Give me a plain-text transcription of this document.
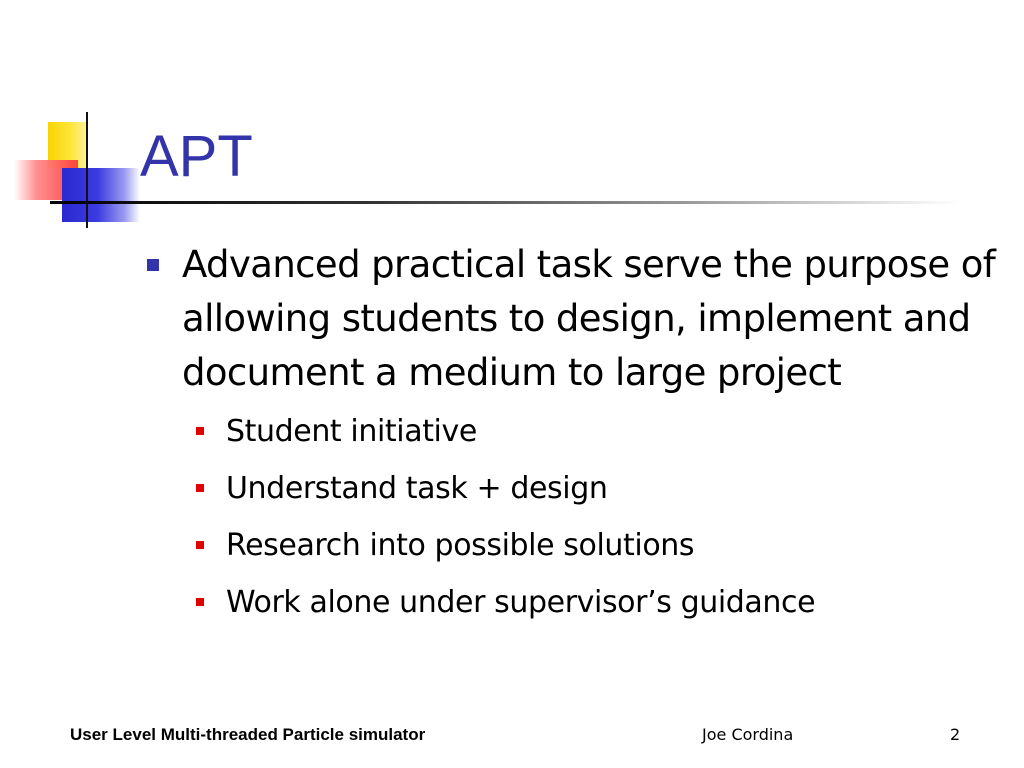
APT
Advanced practical task serve the purpose of allowing students to design, implement and document a medium to large project
Student initiative
Understand task + design
Research into possible solutions
Work alone under supervisor’s guidance
User Level Multi-threaded Particle simulator	Joe Cordina	2
